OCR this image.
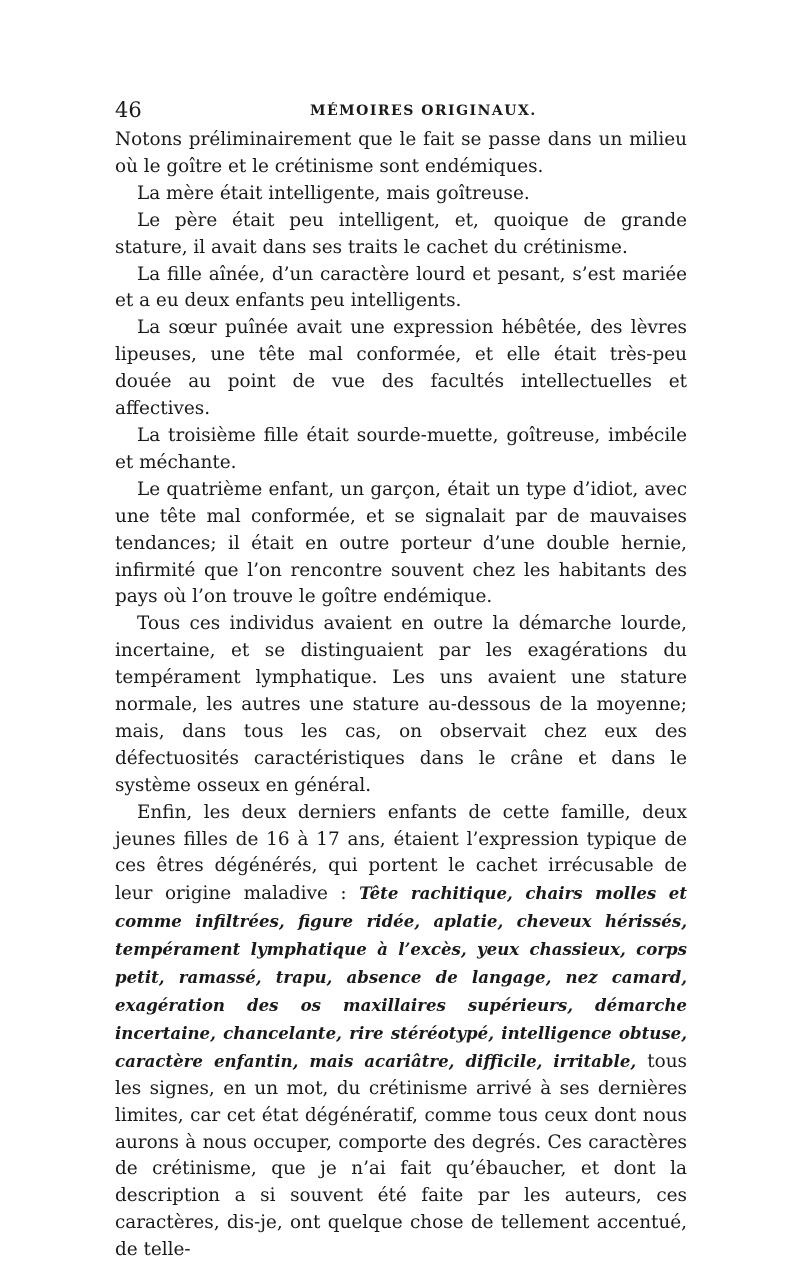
46	MÉMOIRES ORIGINAUX.

Notons préliminairement que le fait se passe dans un milieu où le goître et le crétinisme sont endémiques.

La mère était intelligente, mais goîtreuse.

Le père était peu intelligent, et, quoique de grande stature, il avait dans ses traits le cachet du crétinisme.

La fille aînée, d’un caractère lourd et pesant, s’est mariée et a eu deux enfants peu intelligents.

La sœur puînée avait une expression hébêtée, des lèvres lipeuses, une tête mal conformée, et elle était très-peu douée au point de vue des facultés intellectuelles et affectives.

La troisième fille était sourde-muette, goîtreuse, imbécile et méchante.

Le quatrième enfant, un garçon, était un type d’idiot, avec une tête mal conformée, et se signalait par de mauvaises tendances; il était en outre porteur d’une double hernie, infirmité que l’on rencontre souvent chez les habitants des pays où l’on trouve le goître endémique.

Tous ces individus avaient en outre la démarche lourde, incertaine, et se distinguaient par les exagérations du tempérament lymphatique. Les uns avaient une stature normale, les autres une stature au-dessous de la moyenne; mais, dans tous les cas, on observait chez eux des défectuosités caractéristiques dans le crâne et dans le système osseux en général.

Enfin, les deux derniers enfants de cette famille, deux jeunes filles de 16 à 17 ans, étaient l’expression typique de ces êtres dégénérés, qui portent le cachet irrécusable de leur origine maladive : Tête rachitique, chairs molles et comme infiltrées, figure ridée, aplatie, cheveux hérissés, tempérament lymphatique à l’excès, yeux chassieux, corps petit, ramassé, trapu, absence de langage, nez camard, exagération des os maxillaires supérieurs, démarche incertaine, chancelante, rire stéréotypé, intelligence obtuse, caractère enfantin, mais acariâtre, difficile, irritable, tous les signes, en un mot, du crétinisme arrivé à ses dernières limites, car cet état dégénératif, comme tous ceux dont nous aurons à nous occuper, comporte des degrés. Ces caractères de crétinisme, que je n’ai fait qu’ébaucher, et dont la description a si souvent été faite par les auteurs, ces caractères, dis-je, ont quelque chose de tellement accentué, de telle-
